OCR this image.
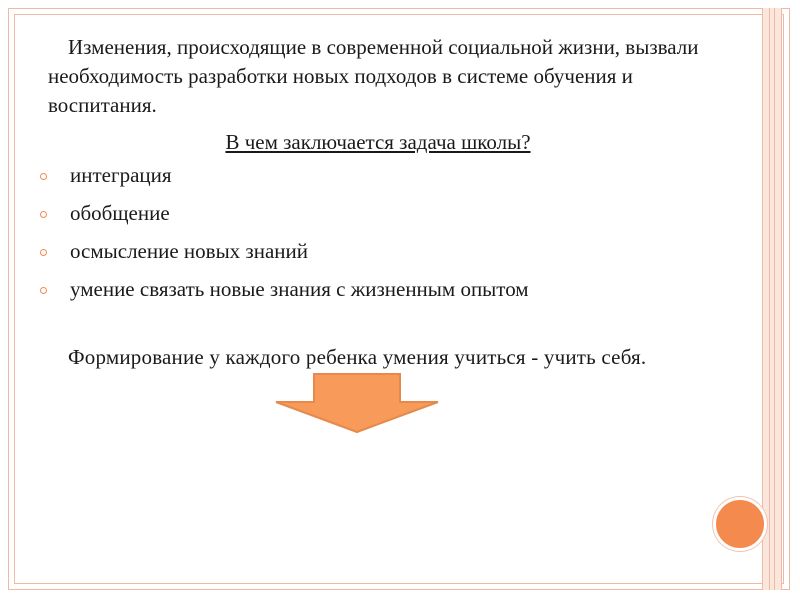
Изменения, происходящие в современной социальной жизни, вызвали необходимость разработки новых подходов в системе обучения и воспитания.

В чем заключается задача школы?

интеграция
обобщение
осмысление новых знаний
умение связать новые знания с жизненным опытом

Формирование у каждого ребенка умения учиться - учить себя.
